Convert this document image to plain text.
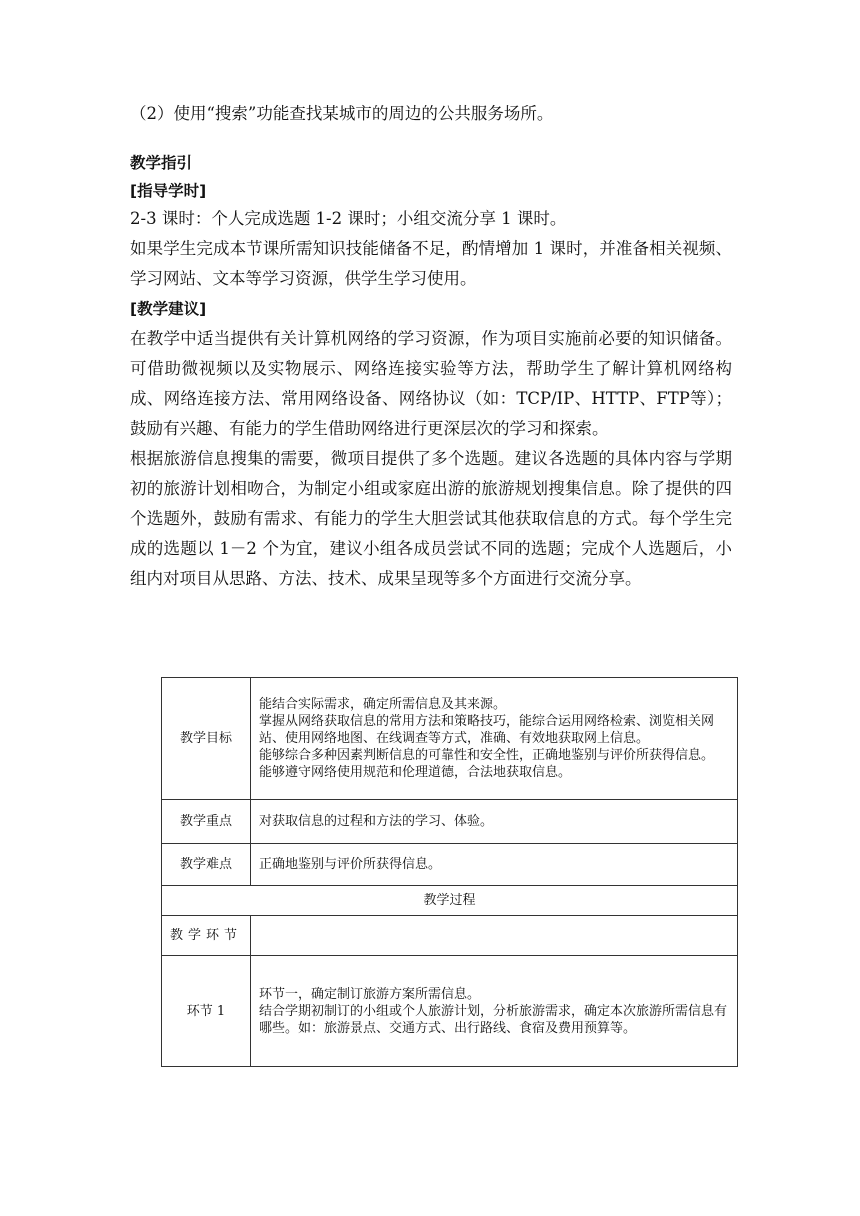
（2）使用“搜索”功能查找某城市的周边的公共服务场所。

教学指引

[指导学时]

2-3 课时：个人完成选题 1-2 课时；小组交流分享 1 课时。

如果学生完成本节课所需知识技能储备不足，酌情增加 1 课时，并准备相关视频、学习网站、文本等学习资源，供学生学习使用。

[教学建议]

在教学中适当提供有关计算机网络的学习资源，作为项目实施前必要的知识储备。可借助微视频以及实物展示、网络连接实验等方法，帮助学生了解计算机网络构成、网络连接方法、常用网络设备、网络协议（如：TCP/IP、HTTP、FTP等）；鼓励有兴趣、有能力的学生借助网络进行更深层次的学习和探索。

根据旅游信息搜集的需要，微项目提供了多个选题。建议各选题的具体内容与学期初的旅游计划相吻合，为制定小组或家庭出游的旅游规划搜集信息。除了提供的四个选题外，鼓励有需求、有能力的学生大胆尝试其他获取信息的方式。每个学生完成的选题以 1－2 个为宜，建议小组各成员尝试不同的选题；完成个人选题后，小组内对项目从思路、方法、技术、成果呈现等多个方面进行交流分享。

教学目标	能结合实际需求，确定所需信息及其来源。
掌握从网络获取信息的常用方法和策略技巧，能综合运用网络检索、浏览相关网站、使用网络地图、在线调查等方式，准确、有效地获取网上信息。
能够综合多种因素判断信息的可靠性和安全性，正确地鉴别与评价所获得信息。
能够遵守网络使用规范和伦理道德，合法地获取信息。

教学重点	对获取信息的过程和方法的学习、体验。
教学难点	正确地鉴别与评价所获得信息。
教学过程	
教学环节	
环节 1	环节一，确定制订旅游方案所需信息。
结合学期初制订的小组或个人旅游计划，分析旅游需求，确定本次旅游所需信息有哪些。如：旅游景点、交通方式、出行路线、食宿及费用预算等。
